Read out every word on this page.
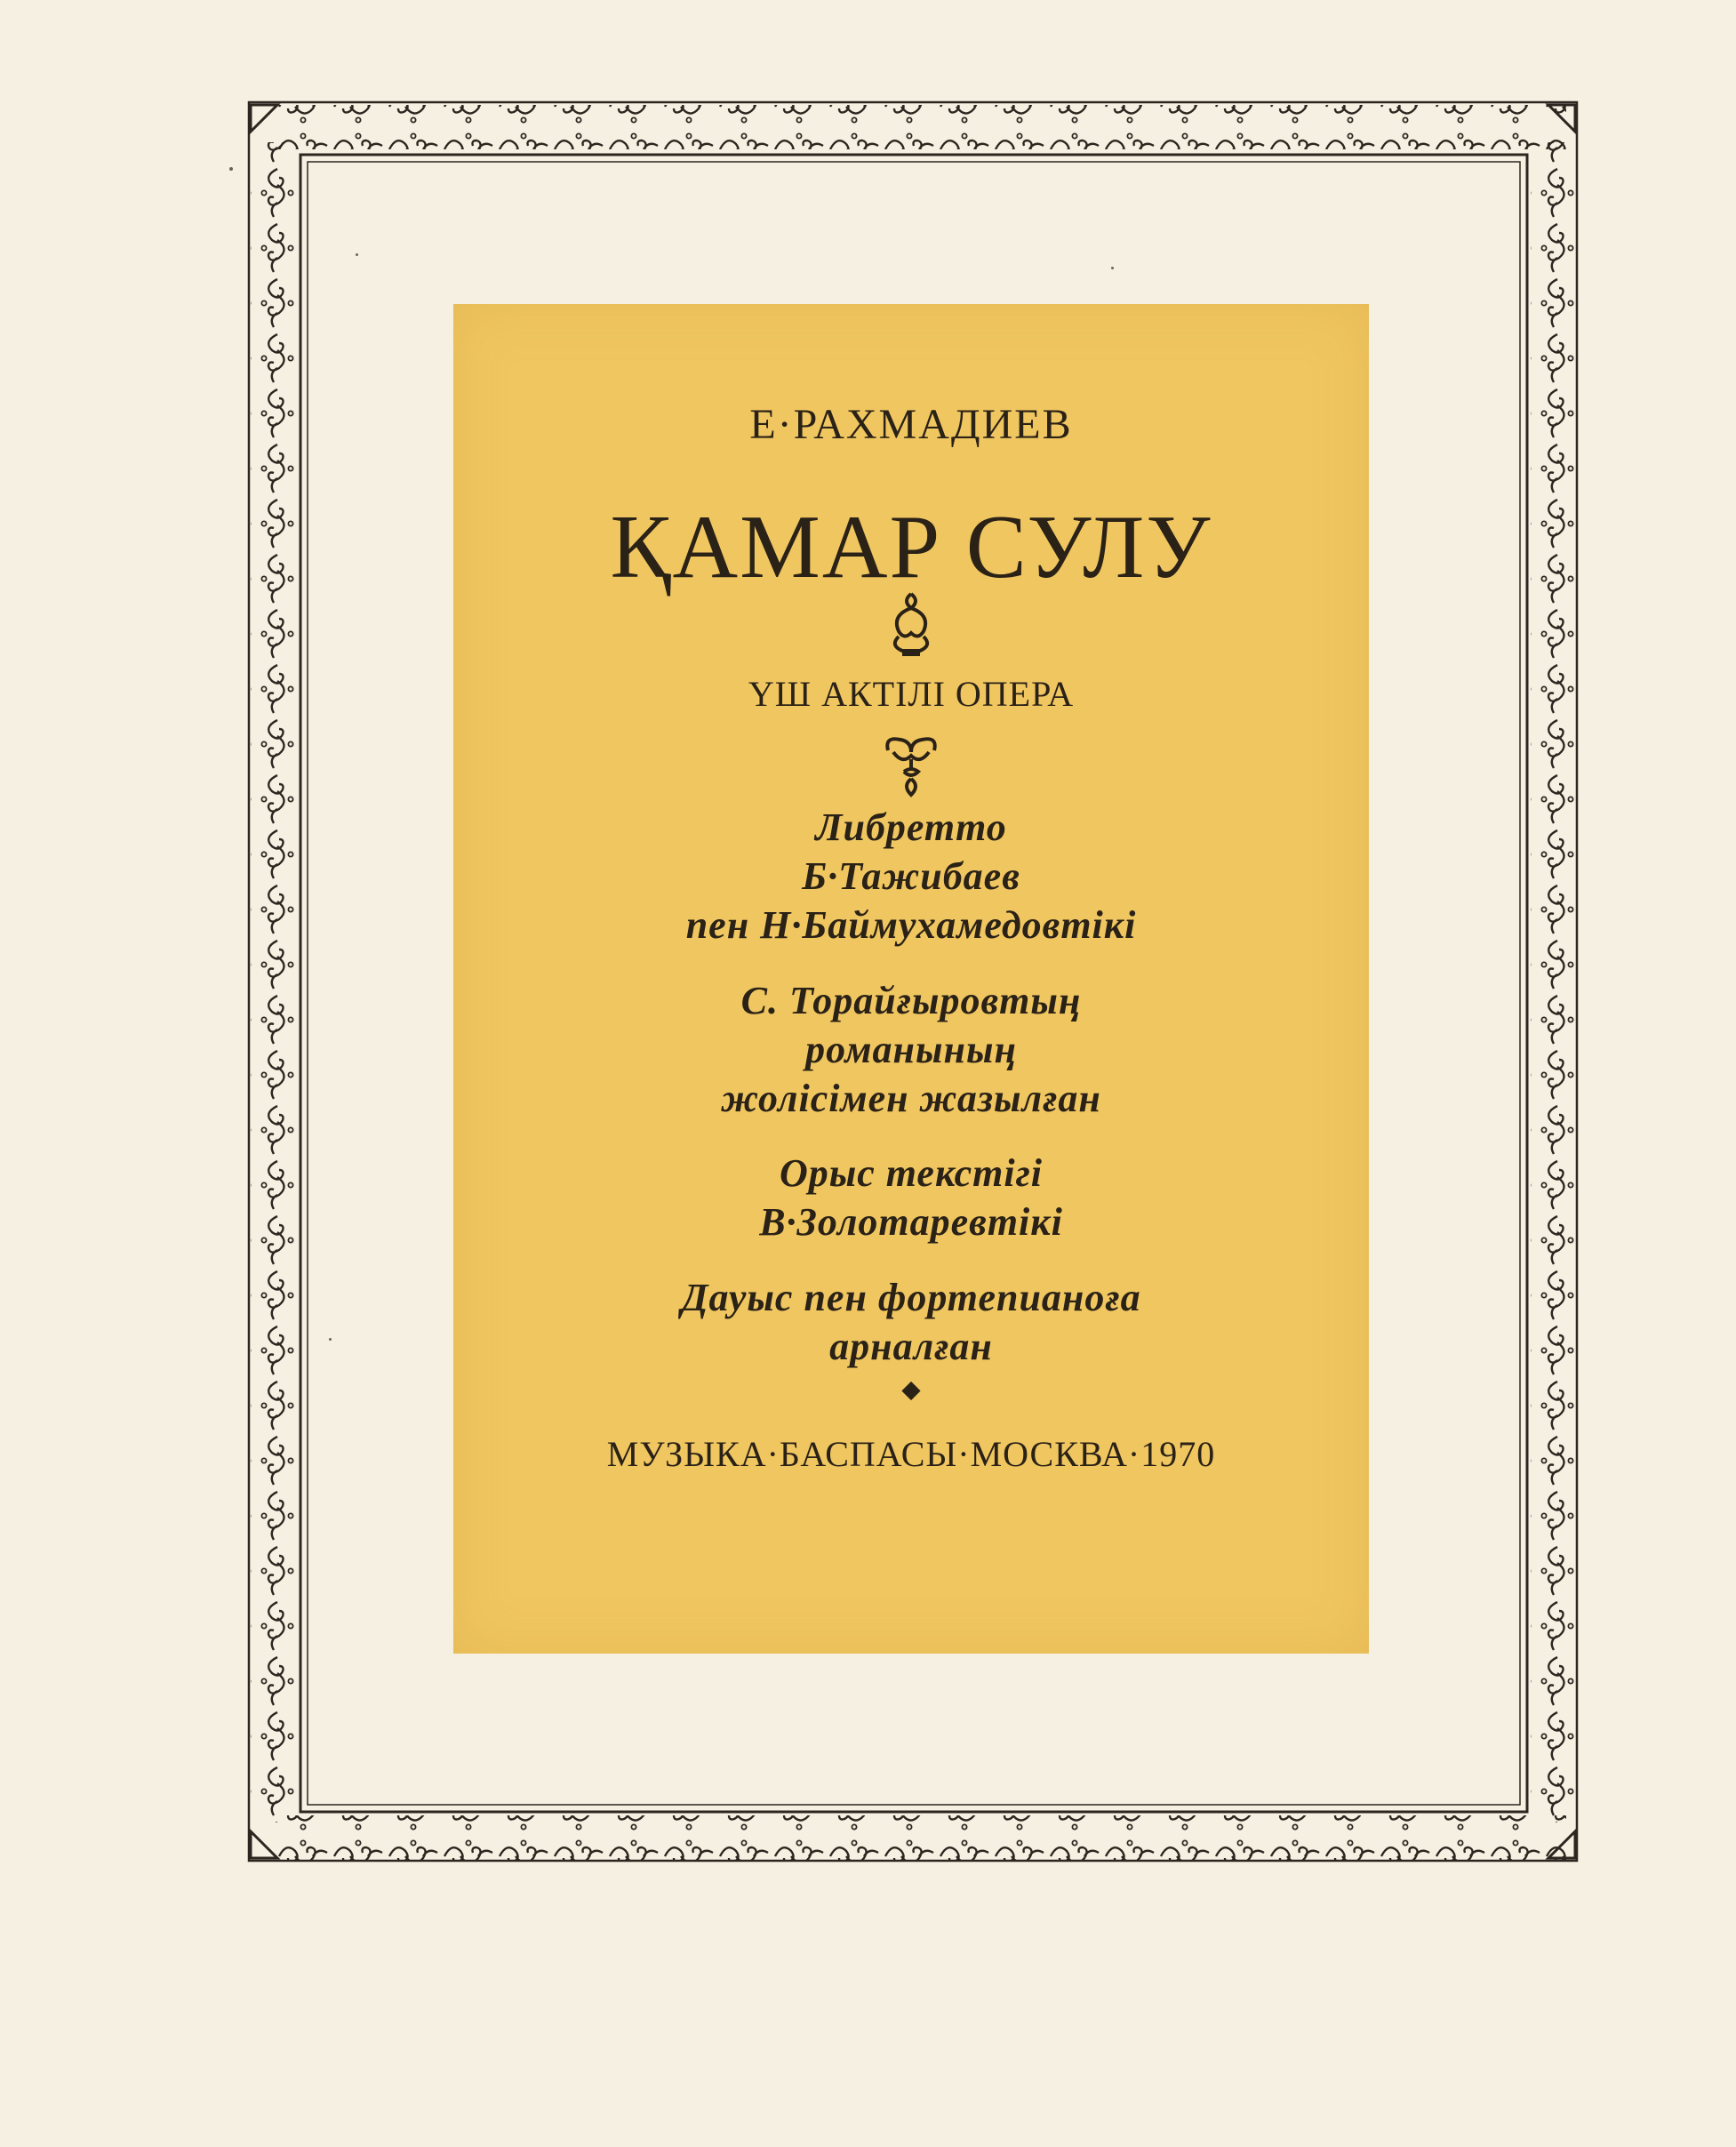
Е·РАХМАДИЕВ
ҚАМАР СУЛУ
ҮШ АКТІЛІ ОПЕРА
Либретто
Б·Тажибаев
пен Н·Баймухамедовтікі
С. Торайғыровтың
романының
жолісімен жазылған
Орыс текстігі
В·Золотаревтікі
Дауыс пен фортепианоға
арналған
МУЗЫКА·БАСПАСЫ·МОСКВА·1970
